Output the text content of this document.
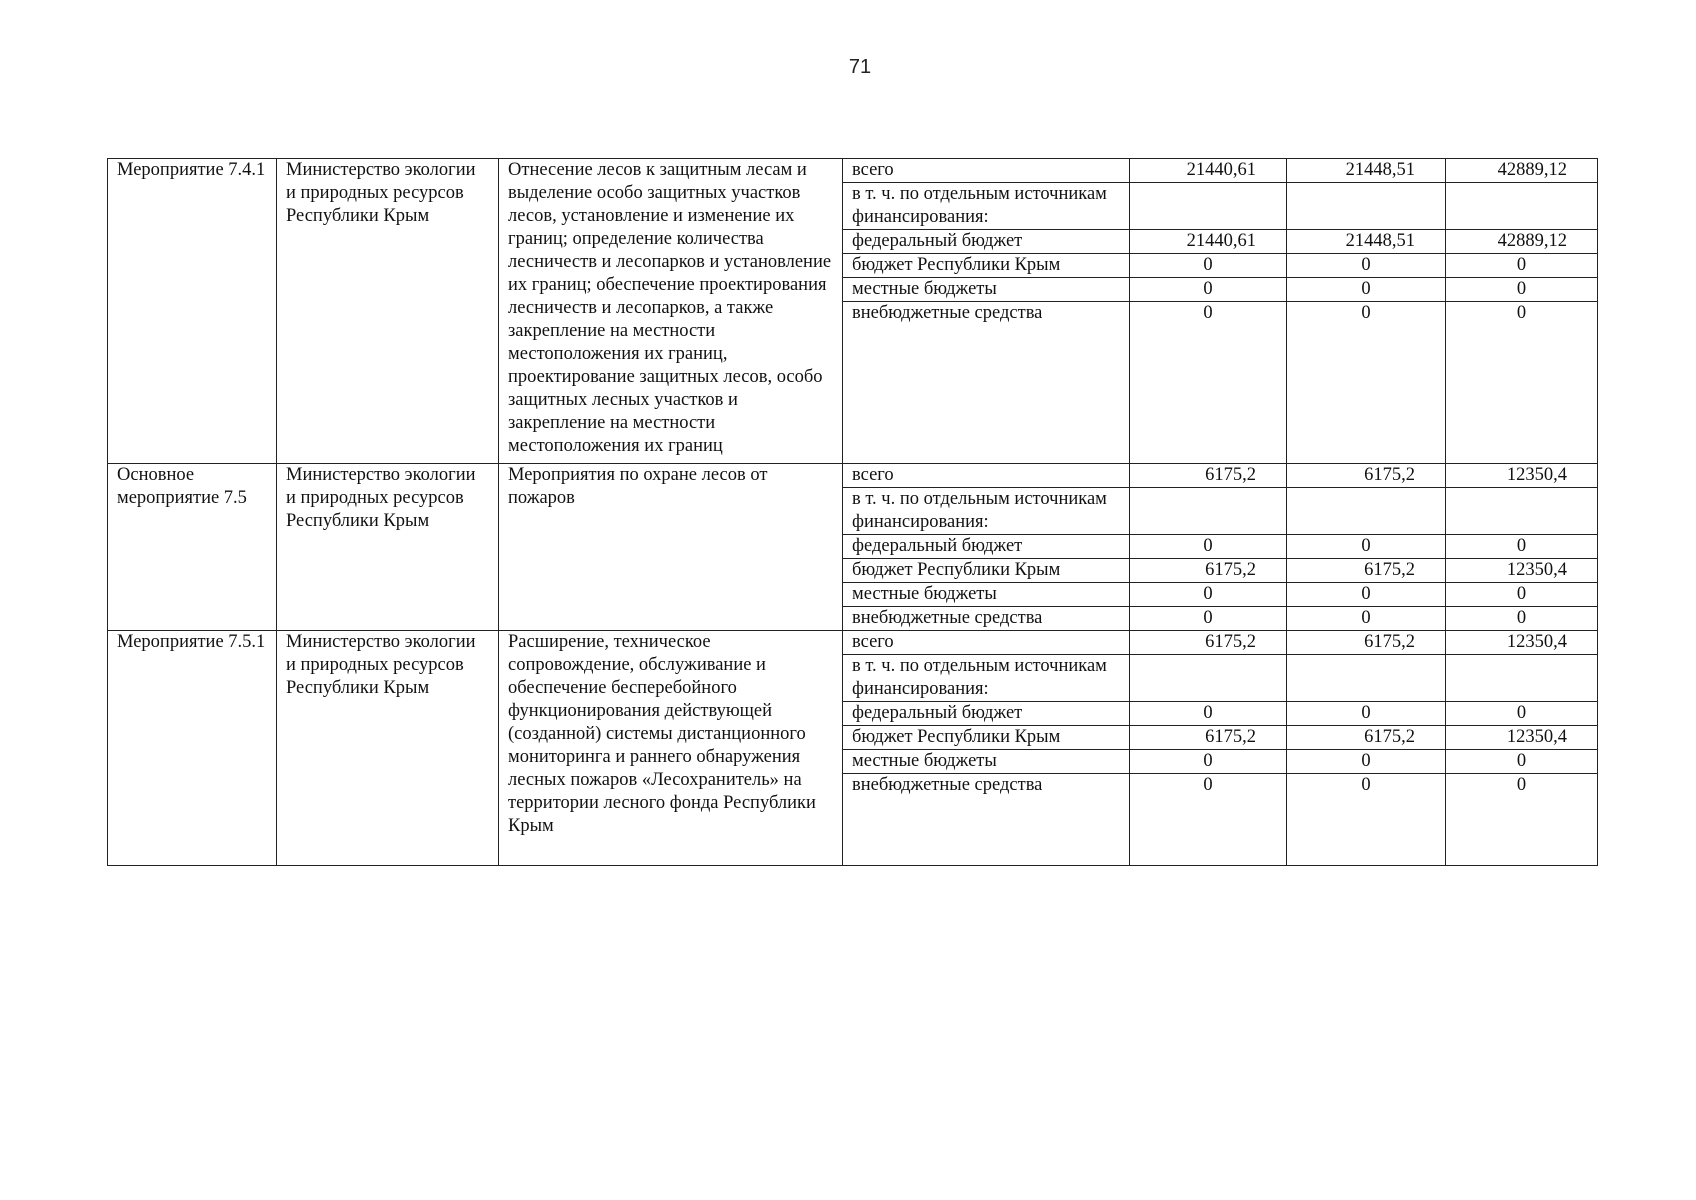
71
Мероприятие 7.4.1	Министерство экологии и природных ресурсов Республики Крым	Отнесение лесов к защитным лесам и выделение особо защитных участков лесов, установление и изменение их границ; определение количества лесничеств и лесопарков и установление их границ; обеспечение проектирования лесничеств и лесопарков, а также закрепление на местности местоположения их границ, проектирование защитных лесов, особо защитных лесных участков и закрепление на местности местоположения их границ	всего	21440,61	21448,51	42889,12
			в т. ч. по отдельным источникам финансирования:			
			федеральный бюджет	21440,61	21448,51	42889,12
			бюджет Республики Крым	0	0	0
			местные бюджеты	0	0	0
			внебюджетные средства	0	0	0
Основное мероприятие 7.5	Министерство экологии и природных ресурсов Республики Крым	Мероприятия по охране лесов от пожаров	всего	6175,2	6175,2	12350,4
			в т. ч. по отдельным источникам финансирования:			
			федеральный бюджет	0	0	0
			бюджет Республики Крым	6175,2	6175,2	12350,4
			местные бюджеты	0	0	0
			внебюджетные средства	0	0	0
Мероприятие 7.5.1	Министерство экологии и природных ресурсов Республики Крым	Расширение, техническое сопровождение, обслуживание и обеспечение бесперебойного функционирования действующей (созданной) системы дистанционного мониторинга и раннего обнаружения лесных пожаров «Лесохранитель» на территории лесного фонда Республики Крым	всего	6175,2	6175,2	12350,4
			в т. ч. по отдельным источникам финансирования:			
			федеральный бюджет	0	0	0
			бюджет Республики Крым	6175,2	6175,2	12350,4
			местные бюджеты	0	0	0
			внебюджетные средства	0	0	0
